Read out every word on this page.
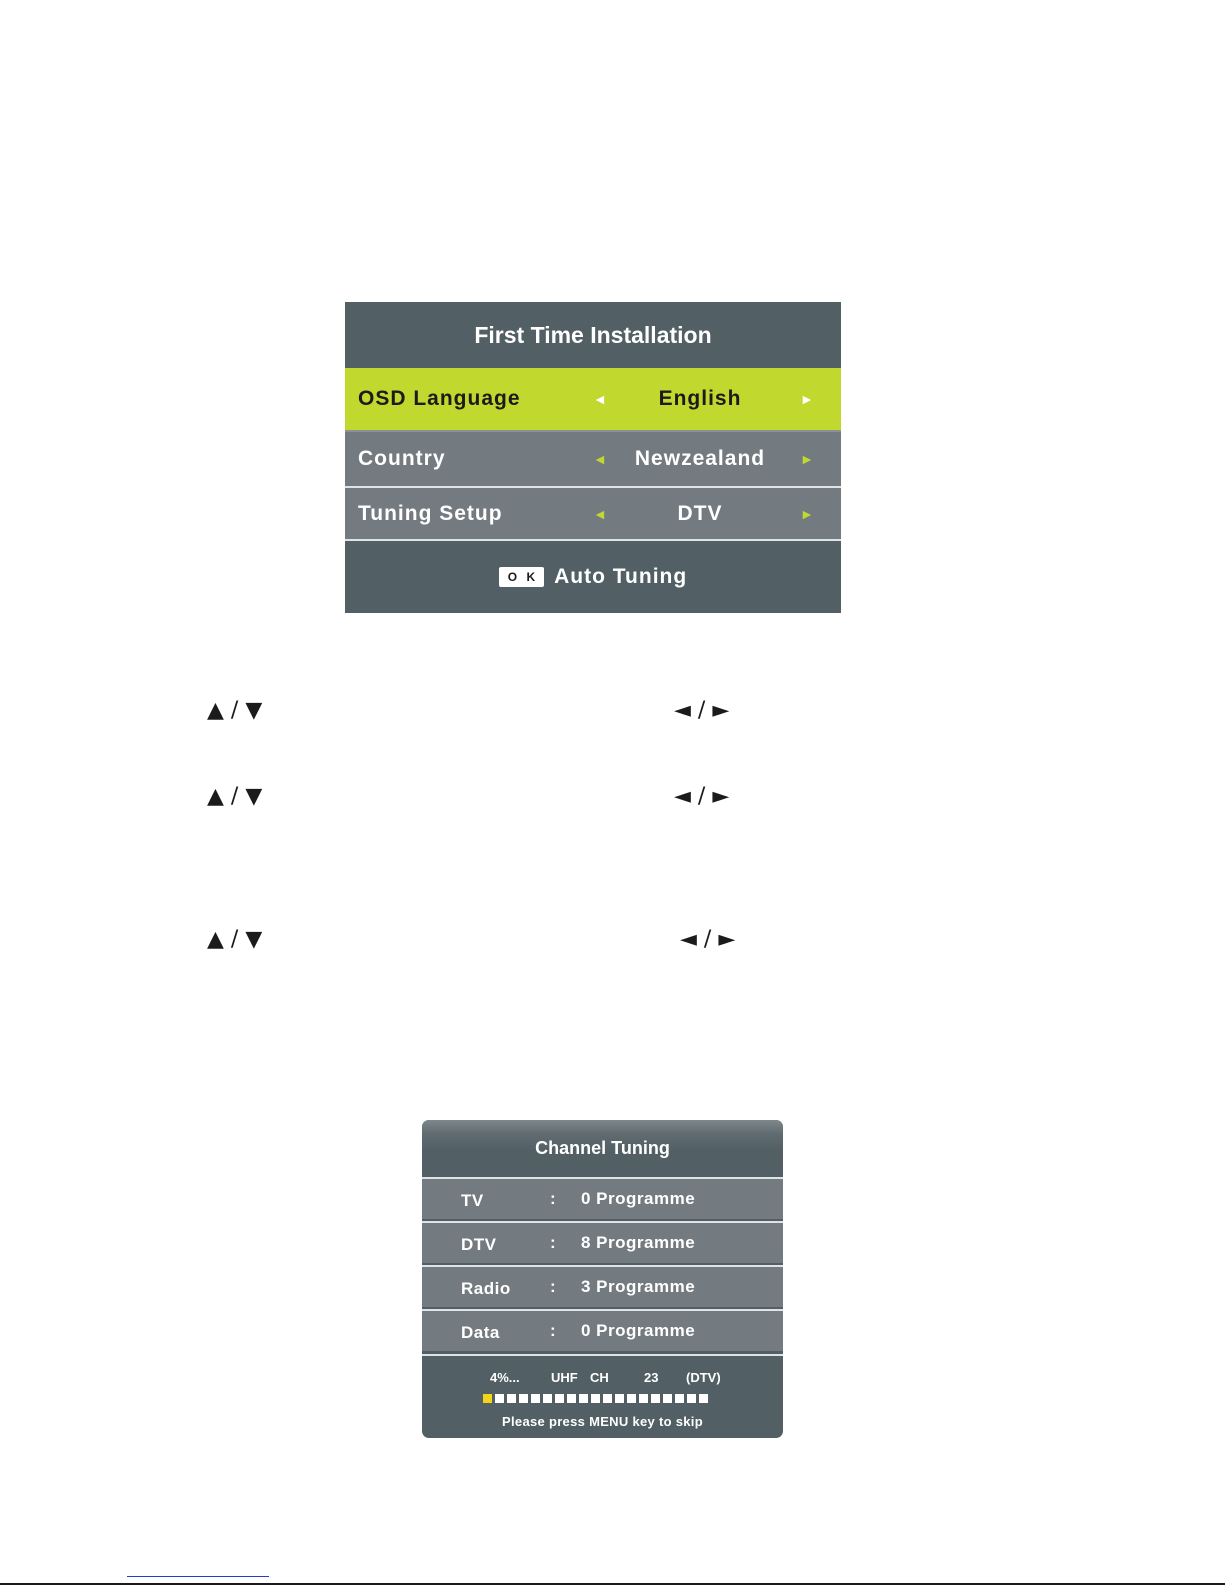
First Time Installation
OSD Language	◄	English	►
Country	◄	Newzealand	►
Tuning Setup	◄	DTV	►
O K Auto Tuning
▲ / ▼	◄ / ►
▲ / ▼	◄ / ►
▲ / ▼	◄ / ►
Channel Tuning
TV	: 0 Programme
DTV	: 8 Programme
Radio : 3 Programme
Data	: 0 Programme
4%... UHF CH	23 (DTV)
Please press MENU key to skip
